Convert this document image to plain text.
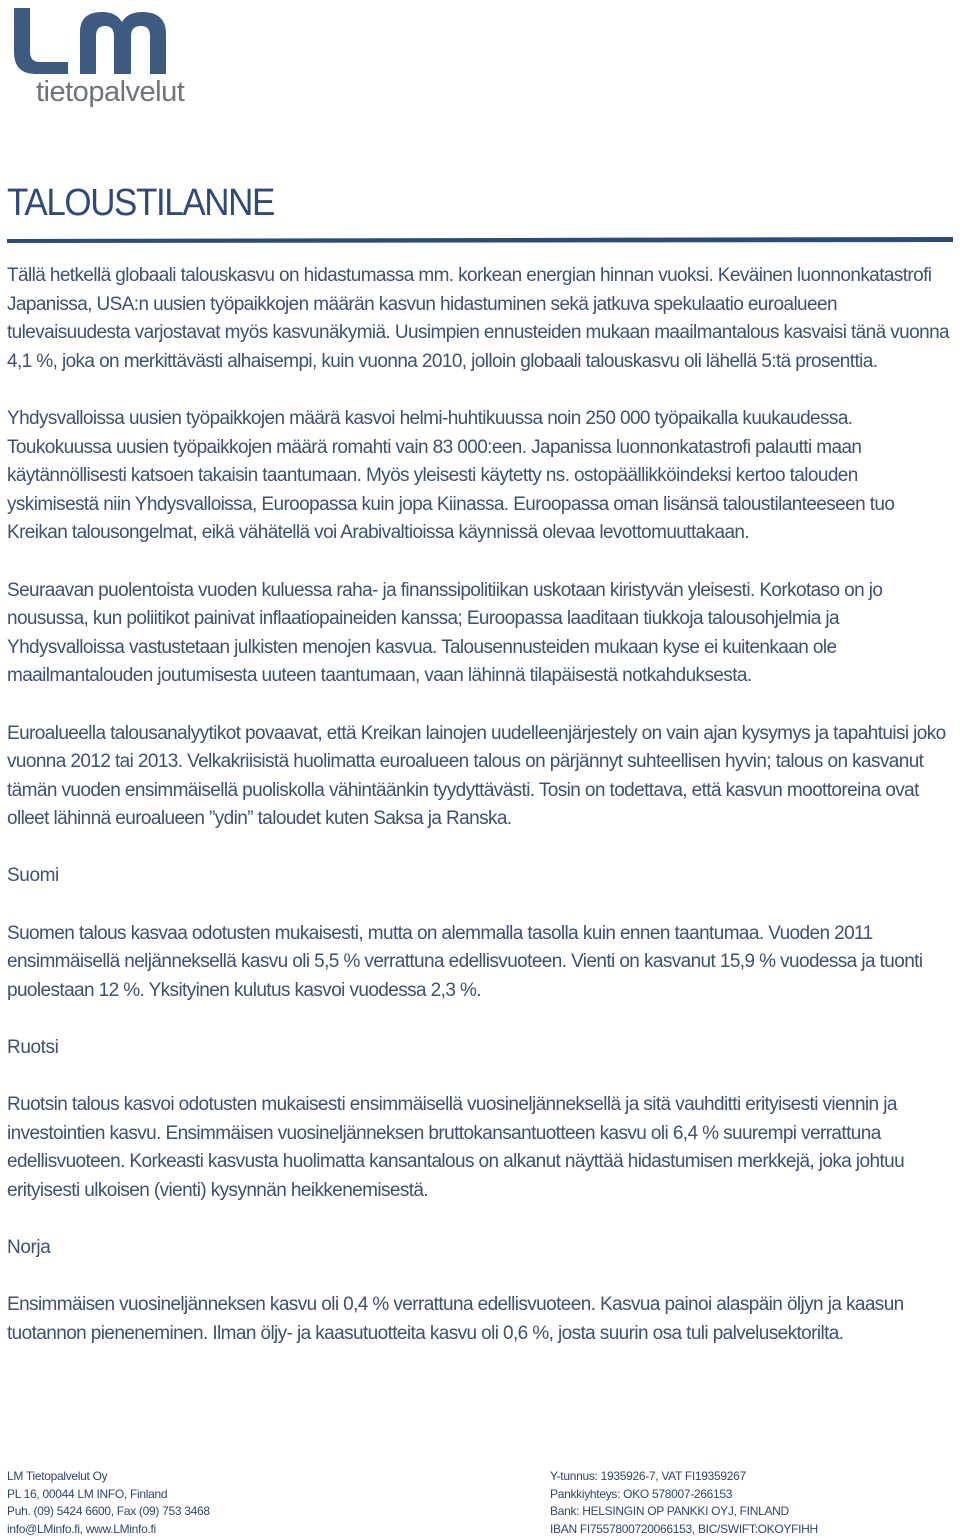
tietopalvelut
TALOUSTILANNE

Tällä hetkellä globaali talouskasvu on hidastumassa mm. korkean energian hinnan vuoksi. Keväinen luonnonkatastrofi Japanissa, USA:n uusien työpaikkojen määrän kasvun hidastuminen sekä jatkuva spekulaatio euroalueen tulevaisuudesta varjostavat myös kasvunäkymiä. Uusimpien ennusteiden mukaan maailmantalous kasvaisi tänä vuonna 4,1 %, joka on merkittävästi alhaisempi, kuin vuonna 2010, jolloin globaali talouskasvu oli lähellä 5:tä prosenttia.

Yhdysvalloissa uusien työpaikkojen määrä kasvoi helmi-huhtikuussa noin 250 000 työpaikalla kuukaudessa. Toukokuussa uusien työpaikkojen määrä romahti vain 83 000:een. Japanissa luonnonkatastrofi palautti maan käytännöllisesti katsoen takaisin taantumaan. Myös yleisesti käytetty ns. ostopäällikköindeksi kertoo talouden yskimisestä niin Yhdysvalloissa, Euroopassa kuin jopa Kiinassa. Euroopassa oman lisänsä taloustilanteeseen tuo Kreikan talousongelmat, eikä vähätellä voi Arabivaltioissa käynnissä olevaa levottomuuttakaan.

Seuraavan puolentoista vuoden kuluessa raha- ja finanssipolitiikan uskotaan kiristyvän yleisesti. Korkotaso on jo nousussa, kun poliitikot painivat inflaatiopaineiden kanssa; Euroopassa laaditaan tiukkoja talousohjelmia ja Yhdysvalloissa vastustetaan julkisten menojen kasvua. Talousennusteiden mukaan kyse ei kuitenkaan ole maailmantalouden joutumisesta uuteen taantumaan, vaan lähinnä tilapäisestä notkahduksesta.

Euroalueella talousanalyytikot povaavat, että Kreikan lainojen uudelleenjärjestely on vain ajan kysymys ja tapahtuisi joko vuonna 2012 tai 2013. Velkakriisistä huolimatta euroalueen talous on pärjännyt suhteellisen hyvin; talous on kasvanut tämän vuoden ensimmäisellä puoliskolla vähintäänkin tyydyttävästi. Tosin on todettava, että kasvun moottoreina ovat olleet lähinnä euroalueen ”ydin” taloudet kuten Saksa ja Ranska.

Suomi

Suomen talous kasvaa odotusten mukaisesti, mutta on alemmalla tasolla kuin ennen taantumaa. Vuoden 2011 ensimmäisellä neljänneksellä kasvu oli 5,5 % verrattuna edellisvuoteen. Vienti on kasvanut 15,9 % vuodessa ja tuonti puolestaan 12 %. Yksityinen kulutus kasvoi vuodessa 2,3 %.

Ruotsi

Ruotsin talous kasvoi odotusten mukaisesti ensimmäisellä vuosineljänneksellä ja sitä vauhditti erityisesti viennin ja investointien kasvu. Ensimmäisen vuosineljänneksen bruttokansantuotteen kasvu oli 6,4 % suurempi verrattuna edellisvuoteen. Korkeasti kasvusta huolimatta kansantalous on alkanut näyttää hidastumisen merkkejä, joka johtuu erityisesti ulkoisen (vienti) kysynnän heikkenemisestä.

Norja

Ensimmäisen vuosineljänneksen kasvu oli 0,4 % verrattuna edellisvuoteen. Kasvua painoi alaspäin öljyn ja kaasun tuotannon pieneneminen. Ilman öljy- ja kaasutuotteita kasvu oli 0,6 %, josta suurin osa tuli palvelusektorilta.

LM Tietopalvelut Oy
PL 16, 00044 LM INFO, Finland
Puh. (09) 5424 6600, Fax (09) 753 3468
info@LMinfo.fi, www.LMinfo.fi
Y-tunnus: 1935926-7, VAT FI19359267
Pankkiyhteys: OKO 578007-266153
Bank: HELSINGIN OP PANKKI OYJ, FINLAND
IBAN FI7557800720066153, BIC/SWIFT:OKOYFIHH
